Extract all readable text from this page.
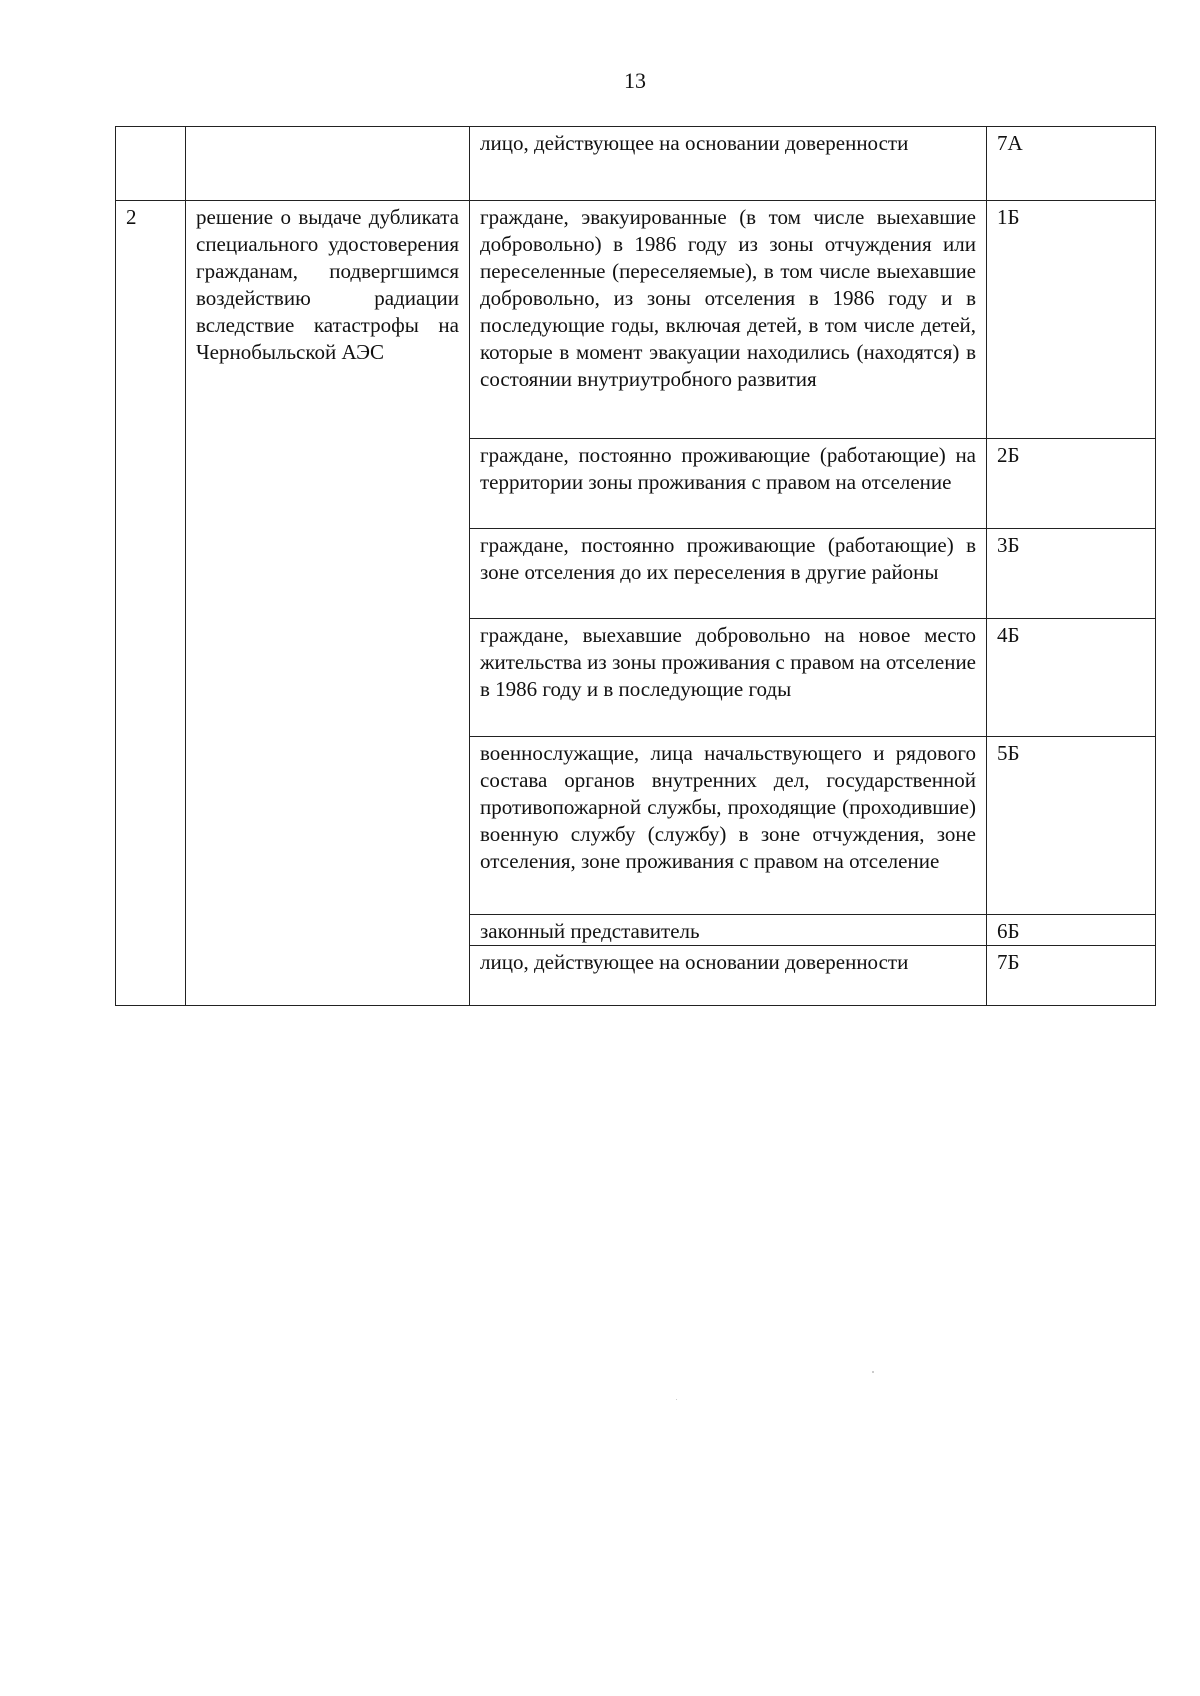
13
		лицо, действующее на основании доверенности	7А
2	решение о выдаче дубликата специального удостоверения гражданам, подвергшимся воздействию радиации вследствие катастрофы на Чернобыльской АЭС	граждане, эвакуированные (в том числе выехавшие добровольно) в 1986 году из зоны отчуждения или переселенные (переселяемые), в том числе выехавшие добровольно, из зоны отселения в 1986 году и в последующие годы, включая детей, в том числе детей, которые в момент эвакуации находились (находятся) в состоянии внутриутробного развития	1Б
		граждане, постоянно проживающие (работающие) на территории зоны проживания с правом на отселение	2Б
		граждане, постоянно проживающие (работающие) в зоне отселения до их переселения в другие районы	3Б
		граждане, выехавшие добровольно на новое место жительства из зоны проживания с правом на отселение в 1986 году и в последующие годы	4Б
		военнослужащие, лица начальствующего и рядового состава органов внутренних дел, государственной противопожарной службы, проходящие (проходившие) военную службу (службу) в зоне отчуждения, зоне отселения, зоне проживания с правом на отселение	5Б
		законный представитель	6Б
		лицо, действующее на основании доверенности	7Б
